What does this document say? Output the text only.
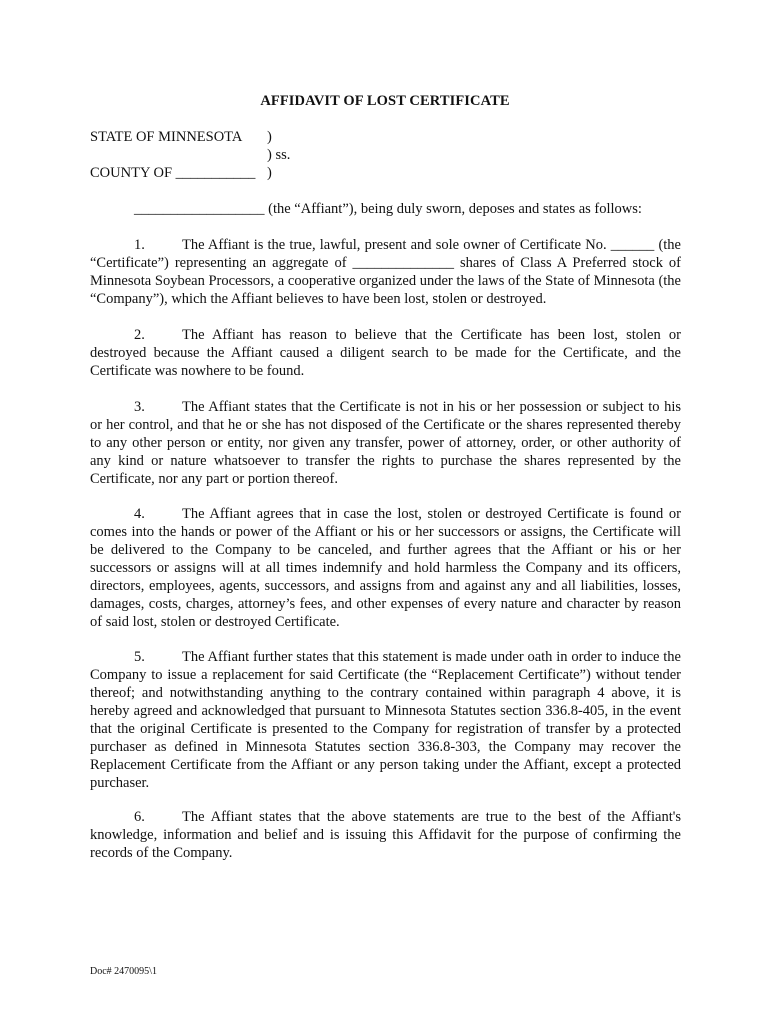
AFFIDAVIT OF LOST CERTIFICATE
STATE OF MINNESOTA )
) ss.
COUNTY OF ___________ )
__________________ (the “Affiant”), being duly sworn, deposes and states as follows:
1.	The Affiant is the true, lawful, present and sole owner of Certificate No. ______ (the “Certificate”) representing an aggregate of ______________ shares of Class A Preferred stock of Minnesota Soybean Processors, a cooperative organized under the laws of the State of Minnesota (the “Company”), which the Affiant believes to have been lost, stolen or destroyed.
2.	The Affiant has reason to believe that the Certificate has been lost, stolen or destroyed because the Affiant caused a diligent search to be made for the Certificate, and the Certificate was nowhere to be found.
3.	The Affiant states that the Certificate is not in his or her possession or subject to his or her control, and that he or she has not disposed of the Certificate or the shares represented thereby to any other person or entity, nor given any transfer, power of attorney, order, or other authority of any kind or nature whatsoever to transfer the rights to purchase the shares represented by the Certificate, nor any part or portion thereof.
4.	The Affiant agrees that in case the lost, stolen or destroyed Certificate is found or comes into the hands or power of the Affiant or his or her successors or assigns, the Certificate will be delivered to the Company to be canceled, and further agrees that the Affiant or his or her successors or assigns will at all times indemnify and hold harmless the Company and its officers, directors, employees, agents, successors, and assigns from and against any and all liabilities, losses, damages, costs, charges, attorney’s fees, and other expenses of every nature and character by reason of said lost, stolen or destroyed Certificate.
5.	The Affiant further states that this statement is made under oath in order to induce the Company to issue a replacement for said Certificate (the “Replacement Certificate”) without tender thereof; and notwithstanding anything to the contrary contained within paragraph 4 above, it is hereby agreed and acknowledged that pursuant to Minnesota Statutes section 336.8-405, in the event that the original Certificate is presented to the Company for registration of transfer by a protected purchaser as defined in Minnesota Statutes section 336.8-303, the Company may recover the Replacement Certificate from the Affiant or any person taking under the Affiant, except a protected purchaser.
6.	The Affiant states that the above statements are true to the best of the Affiant's knowledge, information and belief and is issuing this Affidavit for the purpose of confirming the records of the Company.
Doc# 2470095\1
